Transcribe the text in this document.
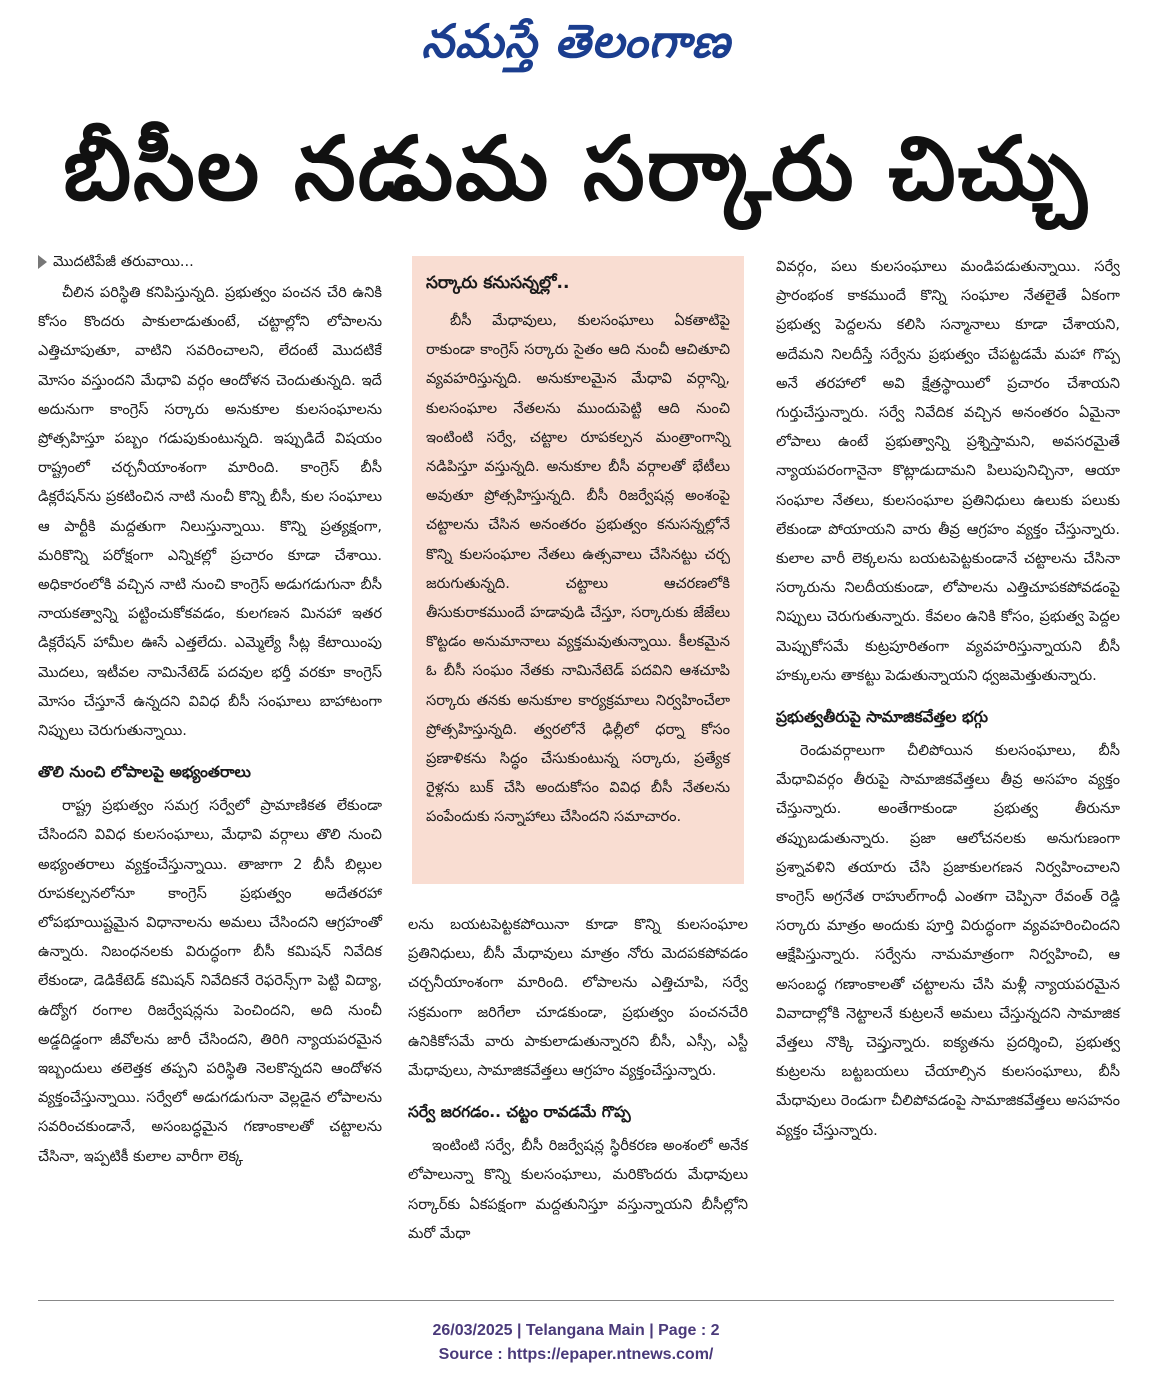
నమస్తే తెలంగాణ
బీసీల నడుమ సర్కారు చిచ్చు
మొదటిపేజీ తరువాయి...

చీలిన పరిస్థితి కనిపిస్తున్నది. ప్రభుత్వం పంచన చేరి ఉనికి కోసం కొందరు పాకులాడుతుంటే, చట్టాల్లోని లోపాలను ఎత్తిచూపుతూ, వాటిని సవరించాలని, లేదంటే మొదటికే మోసం వస్తుందని మేధావి వర్గం ఆందోళన చెందుతున్నది. ఇదే అదునుగా కాంగ్రెస్ సర్కారు అనుకూల కులసంఘాలను ప్రోత్సహిస్తూ పబ్బం గడుపుకుంటున్నది. ఇప్పుడిదే విషయం రాష్ట్రంలో చర్చనీయాంశంగా మారింది. కాంగ్రెస్ బీసీ డిక్లరేషన్‌ను ప్రకటించిన నాటి నుంచీ కొన్ని బీసీ, కుల సంఘాలు ఆ పార్టీకి మద్దతుగా నిలుస్తున్నాయి. కొన్ని ప్రత్యక్షంగా, మరికొన్ని పరోక్షంగా ఎన్నికల్లో ప్రచారం కూడా చేశాయి. అధికారంలోకి వచ్చిన నాటి నుంచి కాంగ్రెస్ అడుగడుగునా బీసీ నాయకత్వాన్ని పట్టించుకోకవడం, కులగణన మినహా ఇతర డిక్లరేషన్ హామీల ఊసే ఎత్తలేదు. ఎమ్మెల్యే సీట్ల కేటాయింపు మొదలు, ఇటీవల నామినేటెడ్ పదవుల భర్తీ వరకూ కాంగ్రెస్ మోసం చేస్తూనే ఉన్నదని వివిధ బీసీ సంఘాలు బాహాటంగా నిప్పులు చెరుగుతున్నాయి.

తొలి నుంచి లోపాలపై అభ్యంతరాలు

రాష్ట్ర ప్రభుత్వం సమగ్ర సర్వేలో ప్రామాణికత లేకుండా చేసిందని వివిధ కులసంఘాలు, మేధావి వర్గాలు తొలి నుంచి అభ్యంతరాలు వ్యక్తంచేస్తున్నాయి. తాజాగా 2 బీసీ బిల్లుల రూపకల్పనలోనూ కాంగ్రెస్ ప్రభుత్వం అదేతరహా లోపభూయిష్టమైన విధానాలను అమలు చేసిందని ఆగ్రహంతో ఉన్నారు. నిబంధనలకు విరుద్ధంగా బీసీ కమిషన్ నివేదిక లేకుండా, డెడికేటెడ్ కమిషన్ నివేదికనే రెఫరెన్స్‌గా పెట్టి విద్యా, ఉద్యోగ రంగాల రిజర్వేషన్లను పెంచిందని, అది నుంచీ అడ్డదిడ్డంగా జీవోలను జారీ చేసిందని, తిరిగి న్యాయపరమైన ఇబ్బందులు తలెత్తక తప్పని పరిస్థితి నెలకొన్నదని ఆందోళన వ్యక్తంచేస్తున్నాయి. సర్వేలో అడుగడుగునా వెల్లడైన లోపాలను సవరించకుండానే, అసంబద్ధమైన గణాంకాలతో చట్టాలను చేసినా, ఇప్పటికీ కులాల వారీగా లెక్క

సర్కారు కనుసన్నల్లో..

బీసీ మేధావులు, కులసంఘాలు ఏకతాటిపై రాకుండా కాంగ్రెస్ సర్కారు సైతం ఆది నుంచీ ఆచితూచి వ్యవహరిస్తున్నది. అనుకూలమైన మేధావి వర్గాన్ని, కులసంఘాల నేతలను ముందుపెట్టి ఆది నుంచి ఇంటింటి సర్వే, చట్టాల రూపకల్పన మంత్రాంగాన్ని నడిపిస్తూ వస్తున్నది. అనుకూల బీసీ వర్గాలతో భేటీలు అవుతూ ప్రోత్సహిస్తున్నది. బీసీ రిజర్వేషన్ల అంశంపై చట్టాలను చేసిన అనంతరం ప్రభుత్వం కనుసన్నల్లోనే కొన్ని కులసంఘాల నేతలు ఉత్సవాలు చేసినట్టు చర్చ జరుగుతున్నది. చట్టాలు ఆచరణలోకి తీసుకురాకముందే హడావుడి చేస్తూ, సర్కారుకు జేజేలు కొట్టడం అనుమానాలు వ్యక్తమవుతున్నాయి. కీలకమైన ఓ బీసీ సంఘం నేతకు నామినేటెడ్ పదవిని ఆశచూపి సర్కారు తనకు అనుకూల కార్యక్రమాలు నిర్వహించేలా ప్రోత్సహిస్తున్నది. త్వరలోనే ఢిల్లీలో ధర్నా కోసం ప్రణాళికను సిద్ధం చేసుకుంటున్న సర్కారు, ప్రత్యేక రైళ్లను బుక్ చేసి అందుకోసం వివిధ బీసీ నేతలను పంపేందుకు సన్నాహాలు చేసిందని సమాచారం.

లను బయటపెట్టకపోయినా కూడా కొన్ని కులసంఘాల ప్రతినిధులు, బీసీ మేధావులు మాత్రం నోరు మెదపకపోవడం చర్చనీయాంశంగా మారింది. లోపాలను ఎత్తిచూపి, సర్వే సక్రమంగా జరిగేలా చూడకుండా, ప్రభుత్వం పంచనచేరి ఉనికికోసమే వారు పాకులాడుతున్నారని బీసీ, ఎస్సీ, ఎస్టీ మేధావులు, సామాజికవేత్తలు ఆగ్రహం వ్యక్తంచేస్తున్నారు.

సర్వే జరగడం.. చట్టం రావడమే గొప్ప

ఇంటింటి సర్వే, బీసీ రిజర్వేషన్ల స్థిరీకరణ అంశంలో అనేక లోపాలున్నా కొన్ని కులసంఘాలు, మరికొందరు మేధావులు సర్కార్‌కు ఏకపక్షంగా మద్దతునిస్తూ వస్తున్నాయని బీసీల్లోని మరో మేధా

వివర్గం, పలు కులసంఘాలు మండిపడుతున్నాయి. సర్వే ప్రారంభంక కాకముందే కొన్ని సంఘాల నేతలైతే ఏకంగా ప్రభుత్వ పెద్దలను కలిసి సన్మానాలు కూడా చేశాయని, అదేమని నిలదీస్తే సర్వేను ప్రభుత్వం చేపట్టడమే మహా గొప్ప అనే తరహాలో అవి క్షేత్రస్థాయిలో ప్రచారం చేశాయని గుర్తుచేస్తున్నారు. సర్వే నివేదిక వచ్చిన అనంతరం ఏమైనా లోపాలు ఉంటే ప్రభుత్వాన్ని ప్రశ్నిస్తామని, అవసరమైతే న్యాయపరంగానైనా కొట్లాడుదామని పిలుపునిచ్చినా, ఆయా సంఘాల నేతలు, కులసంఘాల ప్రతినిధులు ఉలుకు పలుకు లేకుండా పోయాయని వారు తీవ్ర ఆగ్రహం వ్యక్తం చేస్తున్నారు. కులాల వారీ లెక్కలను బయటపెట్టకుండానే చట్టాలను చేసినా సర్కారును నిలదీయకుండా, లోపాలను ఎత్తిచూపకపోవడంపై నిప్పులు చెరుగుతున్నారు. కేవలం ఉనికి కోసం, ప్రభుత్వ పెద్దల మెప్పుకోసమే కుట్రపూరితంగా వ్యవహరిస్తున్నాయని బీసీ హక్కులను తాకట్టు పెడుతున్నాయని ధ్వజమెత్తుతున్నారు.

ప్రభుత్వతీరుపై సామాజికవేత్తల భగ్గు

రెండువర్గాలుగా చీలిపోయిన కులసంఘాలు, బీసీ మేధావివర్గం తీరుపై సామాజికవేత్తలు తీవ్ర అసహం వ్యక్తం చేస్తున్నారు. అంతేగాకుండా ప్రభుత్వ తీరునూ తప్పుబడుతున్నారు. ప్రజా ఆలోచనలకు అనుగుణంగా ప్రశ్నావళిని తయారు చేసి ప్రజాకులగణన నిర్వహించాలని కాంగ్రెస్ అగ్రనేత రాహుల్‌గాంధీ ఎంతగా చెప్పినా రేవంత్ రెడ్డి సర్కారు మాత్రం అందుకు పూర్తి విరుద్ధంగా వ్యవహరించిందని ఆక్షేపిస్తున్నారు. సర్వేను నామమాత్రంగా నిర్వహించి, ఆ అసంబద్ధ గణాంకాలతో చట్టాలను చేసి మళ్లీ న్యాయపరమైన వివాదాల్లోకి నెట్టాలనే కుట్రలనే అమలు చేస్తున్నదని సామాజిక వేత్తలు నొక్కి చెప్తున్నారు. ఐక్యతను ప్రదర్శించి, ప్రభుత్వ కుట్రలను బట్టబయలు చేయాల్సిన కులసంఘాలు, బీసీ మేధావులు రెండుగా చీలిపోవడంపై సామాజికవేత్తలు అసహనం వ్యక్తం చేస్తున్నారు.

26/03/2025 | Telangana Main | Page : 2
Source : https://epaper.ntnews.com/
